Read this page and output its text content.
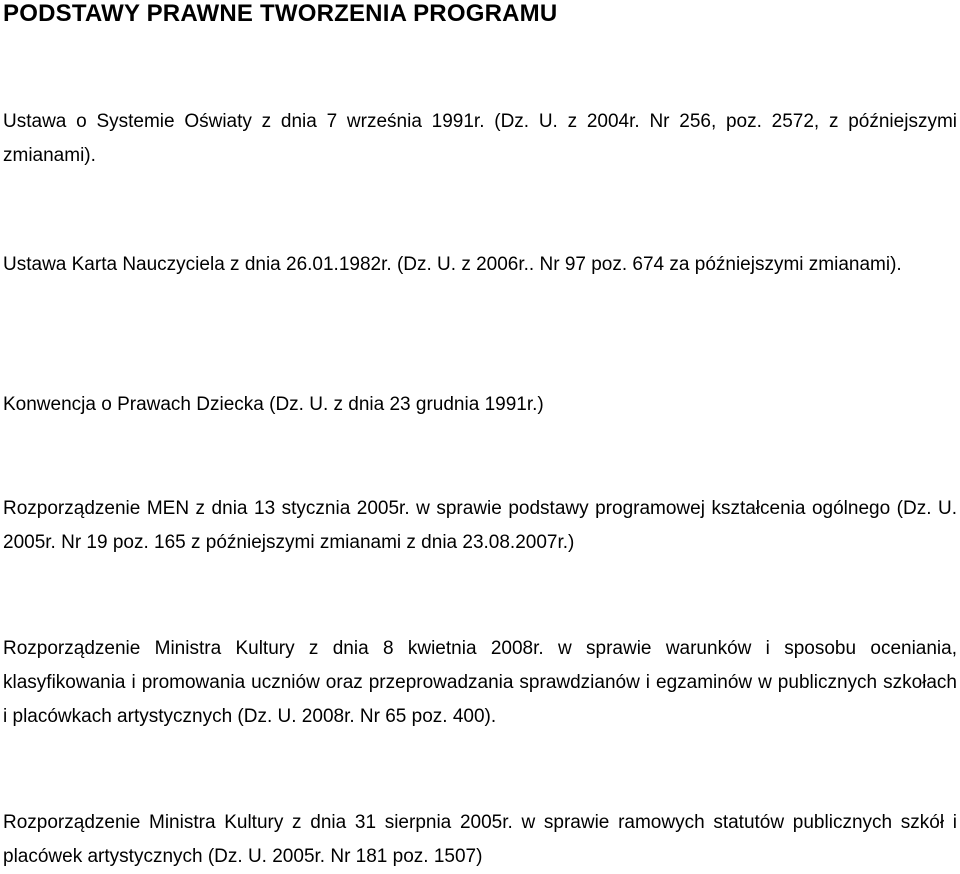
PODSTAWY PRAWNE TWORZENIA PROGRAMU

Ustawa o Systemie Oświaty z dnia 7 września 1991r. (Dz. U. z 2004r. Nr 256, poz. 2572, z późniejszymi zmianami).

Ustawa Karta Nauczyciela z dnia 26.01.1982r. (Dz. U. z 2006r.. Nr 97 poz. 674 za późniejszymi zmianami).

Konwencja o Prawach Dziecka (Dz. U. z dnia 23 grudnia 1991r.)

Rozporządzenie MEN z dnia 13 stycznia 2005r. w sprawie podstawy programowej kształcenia ogólnego (Dz. U. 2005r. Nr 19 poz. 165 z późniejszymi zmianami z dnia 23.08.2007r.)

Rozporządzenie Ministra Kultury z dnia 8 kwietnia 2008r. w sprawie warunków i sposobu oceniania, klasyfikowania i promowania uczniów oraz przeprowadzania sprawdzianów i egzaminów w publicznych szkołach i placówkach artystycznych (Dz. U. 2008r. Nr 65 poz. 400).

Rozporządzenie Ministra Kultury z dnia 31 sierpnia 2005r. w sprawie ramowych statutów publicznych szkół i placówek artystycznych (Dz. U. 2005r. Nr 181 poz. 1507)
